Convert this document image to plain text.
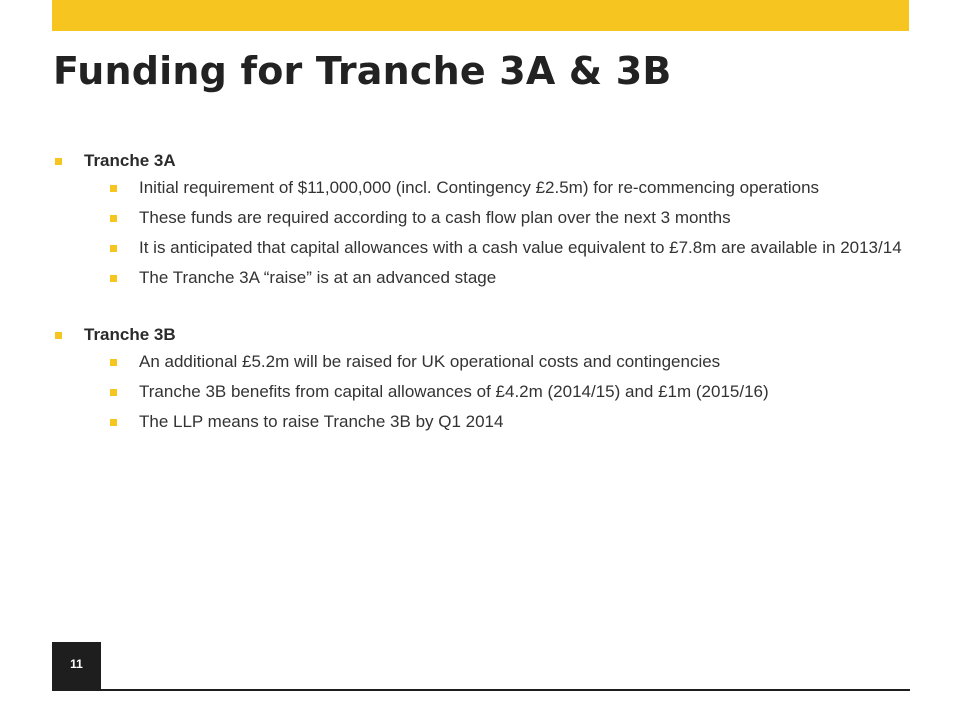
Funding for Tranche 3A & 3B
Tranche 3A
Initial requirement of $11,000,000 (incl. Contingency £2.5m) for re-commencing operations
These funds are required according to a cash flow plan over the next 3 months
It is anticipated that capital allowances with a cash value equivalent to £7.8m are available in 2013/14
The Tranche 3A “raise” is at an advanced stage
Tranche 3B
An additional £5.2m will be raised for UK operational costs and contingencies
Tranche 3B benefits from capital allowances of £4.2m (2014/15) and £1m (2015/16)
The LLP means to raise Tranche 3B by Q1 2014
11
